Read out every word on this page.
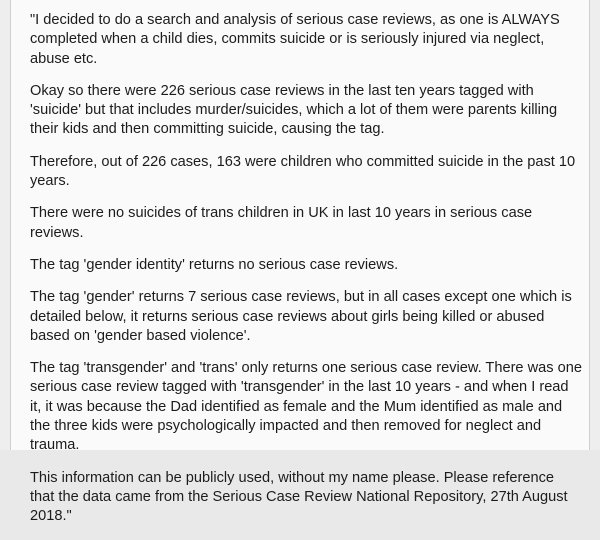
"I decided to do a search and analysis of serious case reviews, as one is ALWAYS completed when a child dies, commits suicide or is seriously injured via neglect, abuse etc.

Okay so there were 226 serious case reviews in the last ten years tagged with 'suicide' but that includes murder/suicides, which a lot of them were parents killing their kids and then committing suicide, causing the tag.

Therefore, out of 226 cases, 163 were children who committed suicide in the past 10 years.

There were no suicides of trans children in UK in last 10 years in serious case reviews.

The tag 'gender identity' returns no serious case reviews.

The tag 'gender' returns 7 serious case reviews, but in all cases except one which is detailed below, it returns serious case reviews about girls being killed or abused based on 'gender based violence'.

The tag 'transgender' and 'trans' only returns one serious case review. There was one serious case review tagged with 'transgender' in the last 10 years - and when I read it, it was because the Dad identified as female and the Mum identified as male and the three kids were psychologically impacted and then removed for neglect and trauma.

This information can be publicly used, without my name please. Please reference that the data came from the Serious Case Review National Repository, 27th August 2018."
